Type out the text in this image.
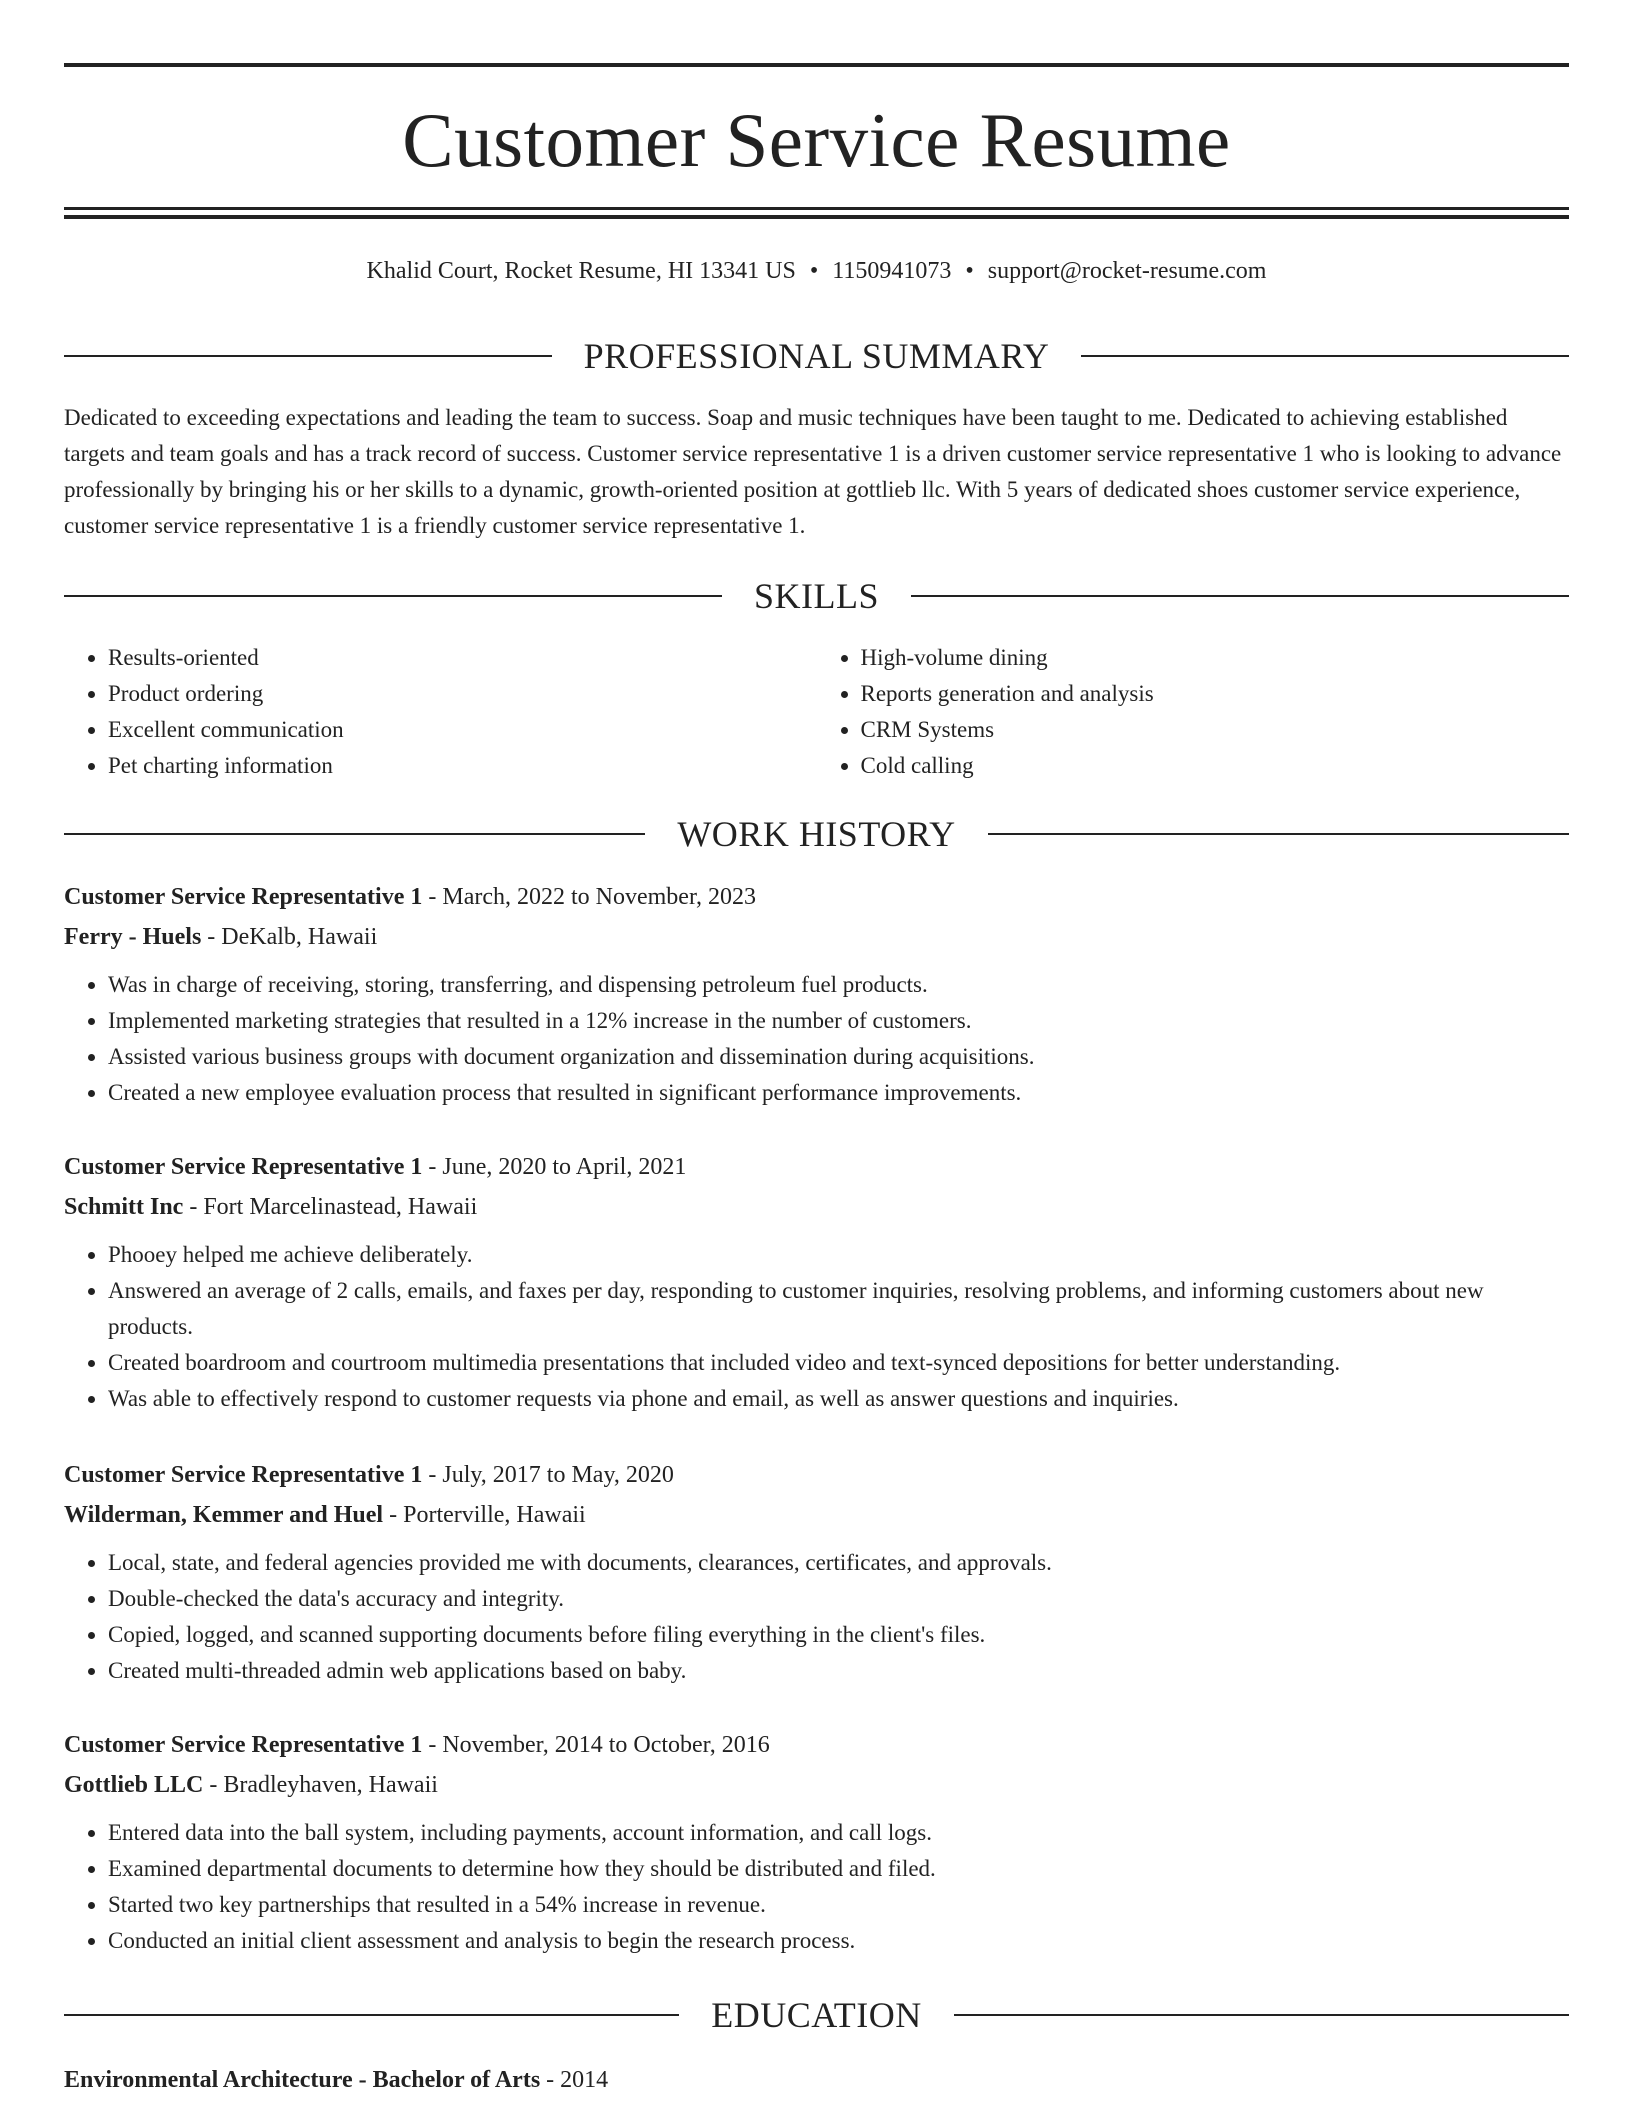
Customer Service Resume
Khalid Court, Rocket Resume, HI 13341 US • 1150941073 • support@rocket-resume.com
PROFESSIONAL SUMMARY

Dedicated to exceeding expectations and leading the team to success. Soap and music techniques have been taught to me. Dedicated to achieving established targets and team goals and has a track record of success. Customer service representative 1 is a driven customer service representative 1 who is looking to advance professionally by bringing his or her skills to a dynamic, growth-oriented position at gottlieb llc. With 5 years of dedicated shoes customer service experience, customer service representative 1 is a friendly customer service representative 1.

SKILLS
• Results-oriented
• Product ordering
• Excellent communication
• Pet charting information
• High-volume dining
• Reports generation and analysis
• CRM Systems
• Cold calling
WORK HISTORY
Customer Service Representative 1 - March, 2022 to November, 2023
Ferry - Huels - DeKalb, Hawaii
• Was in charge of receiving, storing, transferring, and dispensing petroleum fuel products.
• Implemented marketing strategies that resulted in a 12% increase in the number of customers.
• Assisted various business groups with document organization and dissemination during acquisitions.
• Created a new employee evaluation process that resulted in significant performance improvements.
Customer Service Representative 1 - June, 2020 to April, 2021
Schmitt Inc - Fort Marcelinastead, Hawaii
• Phooey helped me achieve deliberately.
• Answered an average of 2 calls, emails, and faxes per day, responding to customer inquiries, resolving problems, and informing customers about new products.
• Created boardroom and courtroom multimedia presentations that included video and text-synced depositions for better understanding.
• Was able to effectively respond to customer requests via phone and email, as well as answer questions and inquiries.
Customer Service Representative 1 - July, 2017 to May, 2020
Wilderman, Kemmer and Huel - Porterville, Hawaii
• Local, state, and federal agencies provided me with documents, clearances, certificates, and approvals.
• Double-checked the data's accuracy and integrity.
• Copied, logged, and scanned supporting documents before filing everything in the client's files.
• Created multi-threaded admin web applications based on baby.
Customer Service Representative 1 - November, 2014 to October, 2016
Gottlieb LLC - Bradleyhaven, Hawaii
• Entered data into the ball system, including payments, account information, and call logs.
• Examined departmental documents to determine how they should be distributed and filed.
• Started two key partnerships that resulted in a 54% increase in revenue.
• Conducted an initial client assessment and analysis to begin the research process.
EDUCATION
Environmental Architecture - Bachelor of Arts - 2014
